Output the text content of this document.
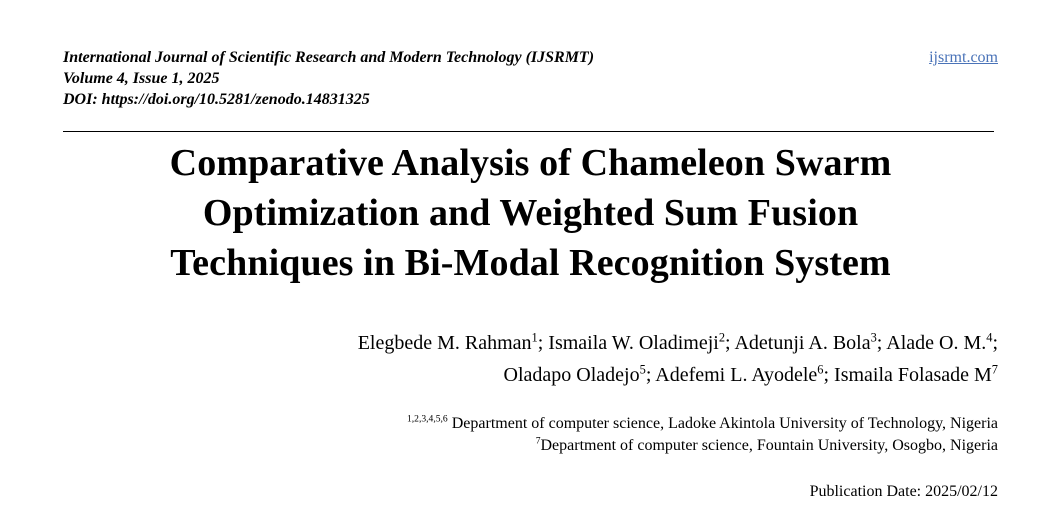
International Journal of Scientific Research and Modern Technology (IJSRMT)
Volume 4, Issue 1, 2025
DOI: https://doi.org/10.5281/zenodo.14831325
ijsrmt.com
Comparative Analysis of Chameleon Swarm
Optimization and Weighted Sum Fusion
Techniques in Bi-Modal Recognition System
Elegbede M. Rahman$^1$; Ismaila W. Oladimeji$^2$; Adetunji A. Bola$^3$; Alade O. M.$^4$;
Oladapo Oladejo$^5$; Adefemi L. Ayodele$^6$; Ismaila Folasade $M^7$
$^{1,2,3,4,5,6}$ Department of computer science, Ladoke Akintola University of Technology, Nigeria
$^7$Department of computer science, Fountain University, Osogbo, Nigeria
Publication Date: 2025/02/12
